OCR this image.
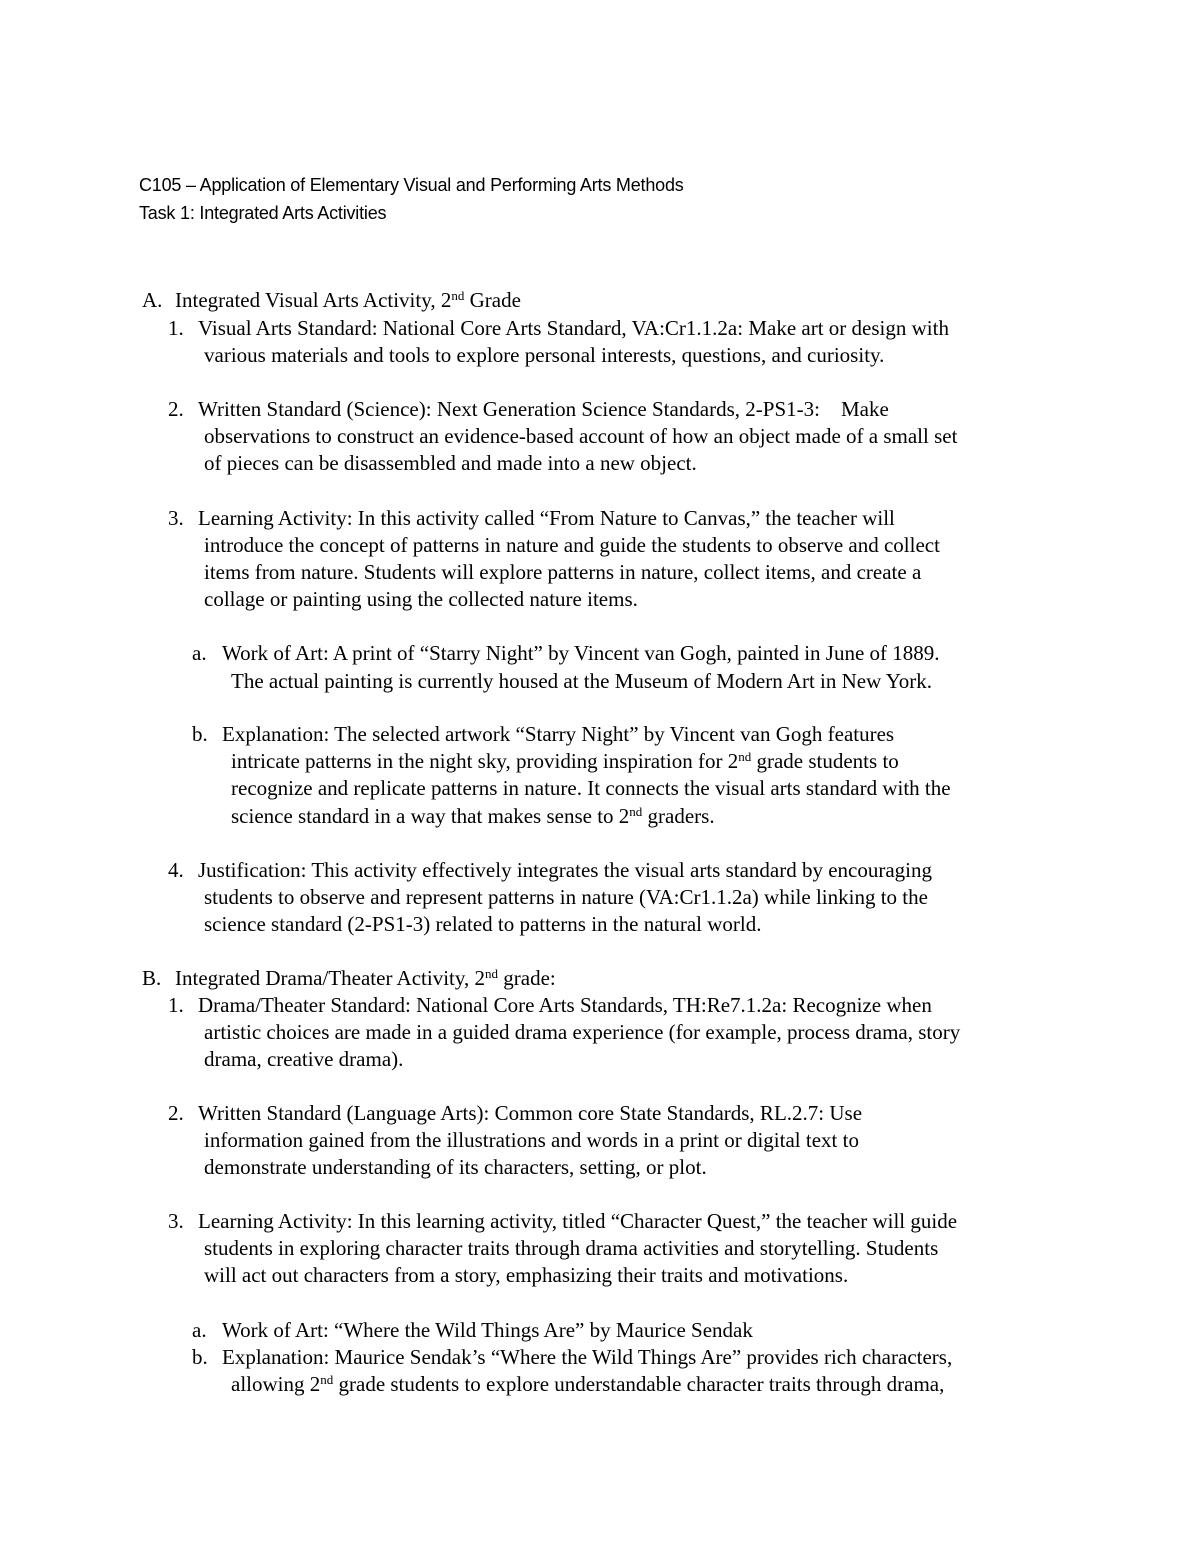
C105 – Application of Elementary Visual and Performing Arts Methods
Task 1: Integrated Arts Activities
A. Integrated Visual Arts Activity, 2nd Grade
1. Visual Arts Standard: National Core Arts Standard, VA:Cr1.1.2a: Make art or design with
various materials and tools to explore personal interests, questions, and curiosity.
2. Written Standard (Science): Next Generation Science Standards, 2-PS1-3:    Make
observations to construct an evidence-based account of how an object made of a small set
of pieces can be disassembled and made into a new object.
3. Learning Activity: In this activity called “From Nature to Canvas,” the teacher will
introduce the concept of patterns in nature and guide the students to observe and collect
items from nature. Students will explore patterns in nature, collect items, and create a
collage or painting using the collected nature items.
a. Work of Art: A print of “Starry Night” by Vincent van Gogh, painted in June of 1889.
The actual painting is currently housed at the Museum of Modern Art in New York.
b. Explanation: The selected artwork “Starry Night” by Vincent van Gogh features
intricate patterns in the night sky, providing inspiration for 2nd grade students to
recognize and replicate patterns in nature. It connects the visual arts standard with the
science standard in a way that makes sense to 2nd graders.
4. Justification: This activity effectively integrates the visual arts standard by encouraging
students to observe and represent patterns in nature (VA:Cr1.1.2a) while linking to the
science standard (2-PS1-3) related to patterns in the natural world.
B. Integrated Drama/Theater Activity, 2nd grade:
1. Drama/Theater Standard: National Core Arts Standards, TH:Re7.1.2a: Recognize when
artistic choices are made in a guided drama experience (for example, process drama, story
drama, creative drama).
2. Written Standard (Language Arts): Common core State Standards, RL.2.7: Use
information gained from the illustrations and words in a print or digital text to
demonstrate understanding of its characters, setting, or plot.
3. Learning Activity: In this learning activity, titled “Character Quest,” the teacher will guide
students in exploring character traits through drama activities and storytelling. Students
will act out characters from a story, emphasizing their traits and motivations.
a. Work of Art: “Where the Wild Things Are” by Maurice Sendak
b. Explanation: Maurice Sendak’s “Where the Wild Things Are” provides rich characters,
allowing 2nd grade students to explore understandable character traits through drama,
